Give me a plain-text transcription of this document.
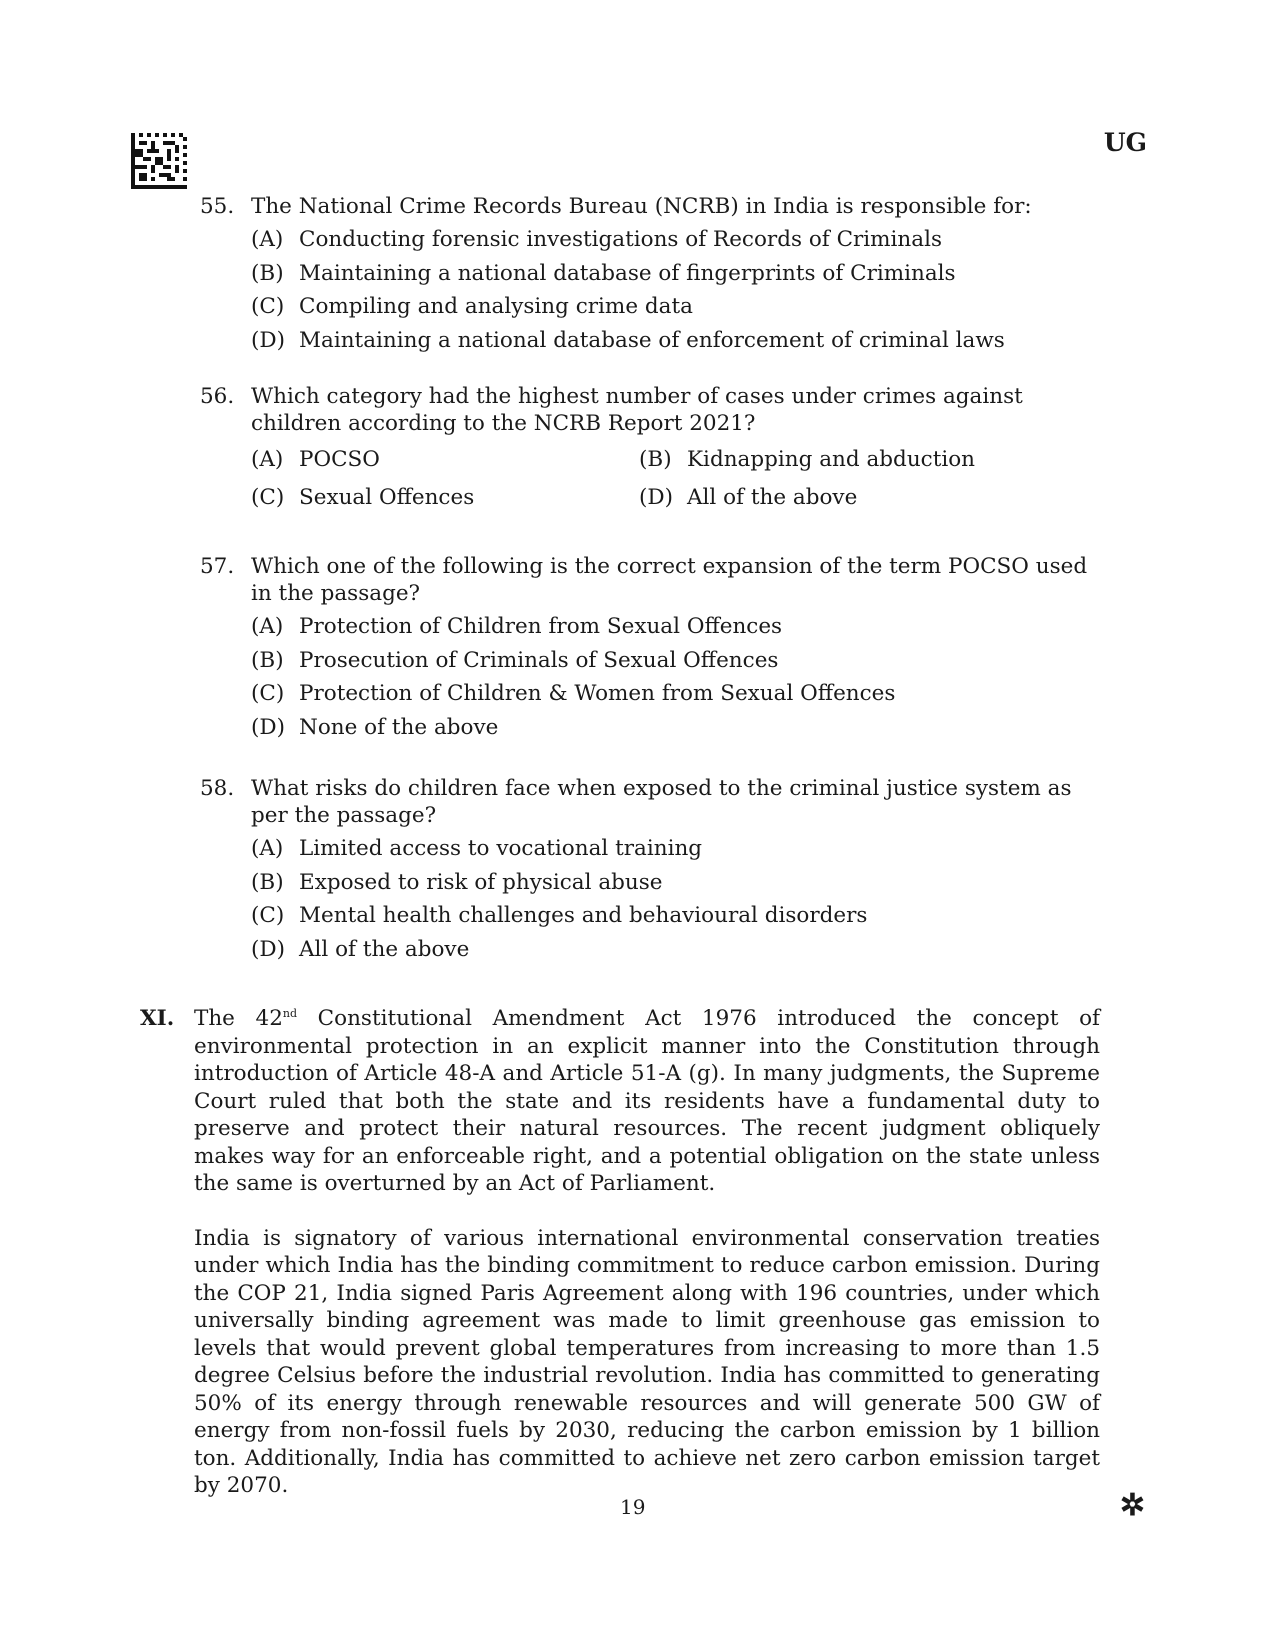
UG
55. The National Crime Records Bureau (NCRB) in India is responsible for:
(A) Conducting forensic investigations of Records of Criminals
(B) Maintaining a national database of fingerprints of Criminals
(C) Compiling and analysing crime data
(D) Maintaining a national database of enforcement of criminal laws
56. Which category had the highest number of cases under crimes against children according to the NCRB Report 2021?
(A) POCSO	(B) Kidnapping and abduction
(C) Sexual Offences	(D) All of the above
57. Which one of the following is the correct expansion of the term POCSO used in the passage?
(A) Protection of Children from Sexual Offences
(B) Prosecution of Criminals of Sexual Offences
(C) Protection of Children & Women from Sexual Offences
(D) None of the above
58. What risks do children face when exposed to the criminal justice system as per the passage?
(A) Limited access to vocational training
(B) Exposed to risk of physical abuse
(C) Mental health challenges and behavioural disorders
(D) All of the above
XI. The 42nd Constitutional Amendment Act 1976 introduced the concept of environmental protection in an explicit manner into the Constitution through introduction of Article 48-A and Article 51-A (g). In many judgments, the Supreme Court ruled that both the state and its residents have a fundamental duty to preserve and protect their natural resources. The recent judgment obliquely makes way for an enforceable right, and a potential obligation on the state unless the same is overturned by an Act of Parliament.

India is signatory of various international environmental conservation treaties under which India has the binding commitment to reduce carbon emission. During the COP 21, India signed Paris Agreement along with 196 countries, under which universally binding agreement was made to limit greenhouse gas emission to levels that would prevent global temperatures from increasing to more than 1.5 degree Celsius before the industrial revolution. India has committed to generating 50% of its energy through renewable resources and will generate 500 GW of energy from non-fossil fuels by 2030, reducing the carbon emission by 1 billion ton. Additionally, India has committed to achieve net zero carbon emission target by 2070.

19	✲
